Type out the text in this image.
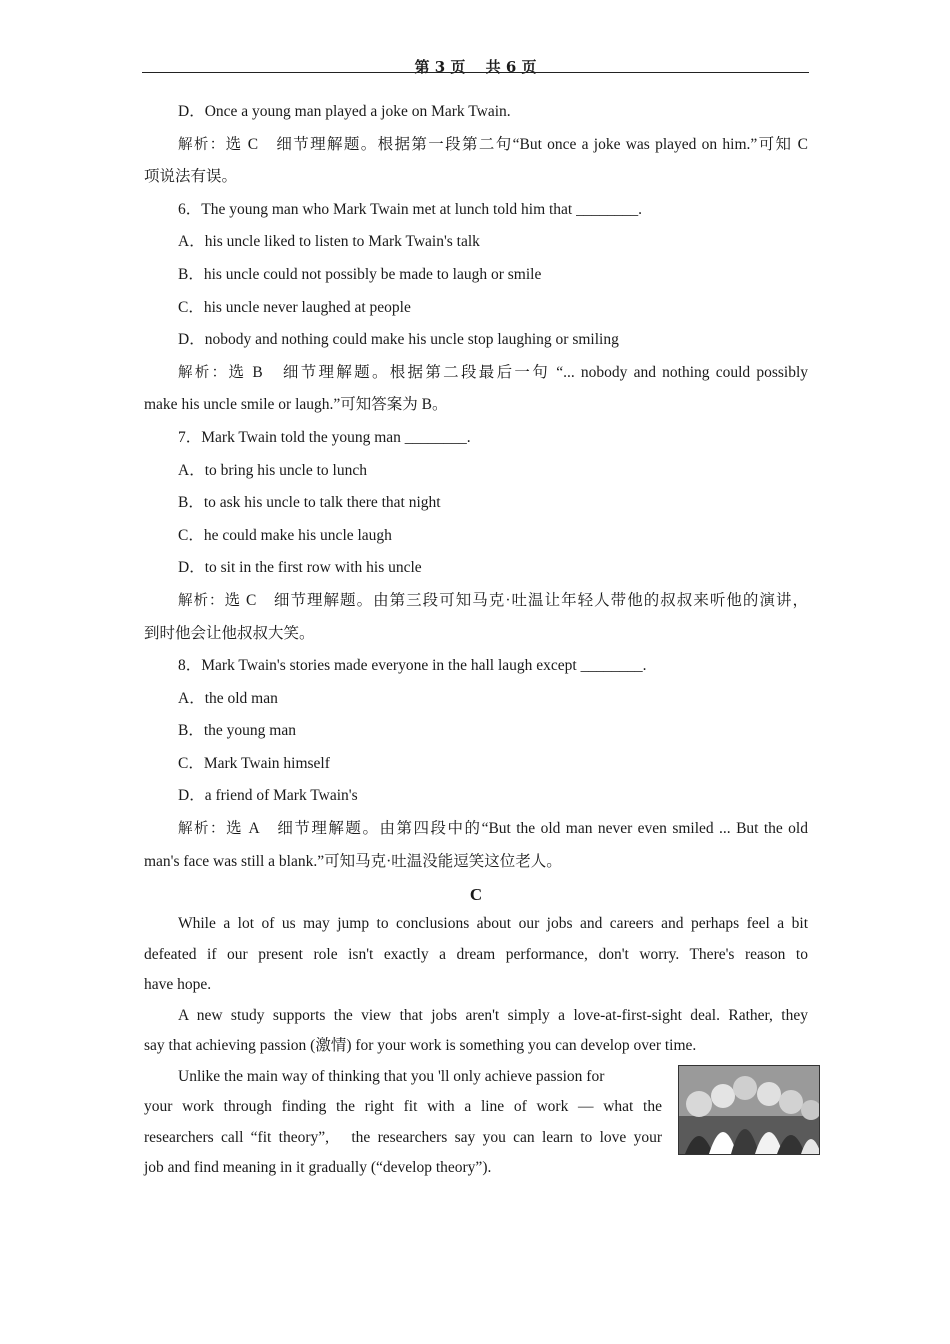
第 3 页　 共 6 页
D．Once a young man played a joke on Mark Twain.
解析：选 C　细节理解题。根据第一段第二句“But once a joke was played on him.”可知 C
项说法有误。
6．The young man who Mark Twain met at lunch told him that ________.
A．his uncle liked to listen to Mark Twain's talk
B．his uncle could not possibly be made to laugh or smile
C．his uncle never laughed at people
D．nobody and nothing could make his uncle stop laughing or smiling
解析：选 B　细节理解题。根据第二段最后一句 “... nobody and nothing could possibly
make his uncle smile or laugh.”可知答案为 B。
7．Mark Twain told the young man ________.
A．to bring his uncle to lunch
B．to ask his uncle to talk there that night
C．he could make his uncle laugh
D．to sit in the first row with his uncle
解析：选 C　细节理解题。由第三段可知马克·吐温让年轻人带他的叔叔来听他的演讲，
到时他会让他叔叔大笑。
8．Mark Twain's stories made everyone in the hall laugh except ________.
A．the old man
B．the young man
C．Mark Twain himself
D．a friend of Mark Twain's
解析：选 A　细节理解题。由第四段中的“But the old man never even smiled ... But the old
man's face was still a blank.”可知马克·吐温没能逗笑这位老人。
C
While a lot of us may jump to conclusions about our jobs and careers and perhaps feel a bit
defeated if our present role isn't exactly a dream performance, don't worry. There's reason to
have hope.
A new study supports the view that jobs aren't simply a love-at-first-sight deal. Rather, they
say that achieving passion (激情) for your work is something you can develop over time.
Unlike the main way of thinking that you 'll only achieve passion for
your work through finding the right fit with a line of work — what the
researchers call “fit theory”,　the researchers say you can learn to love your
job and find meaning in it gradually (“develop theory”).
